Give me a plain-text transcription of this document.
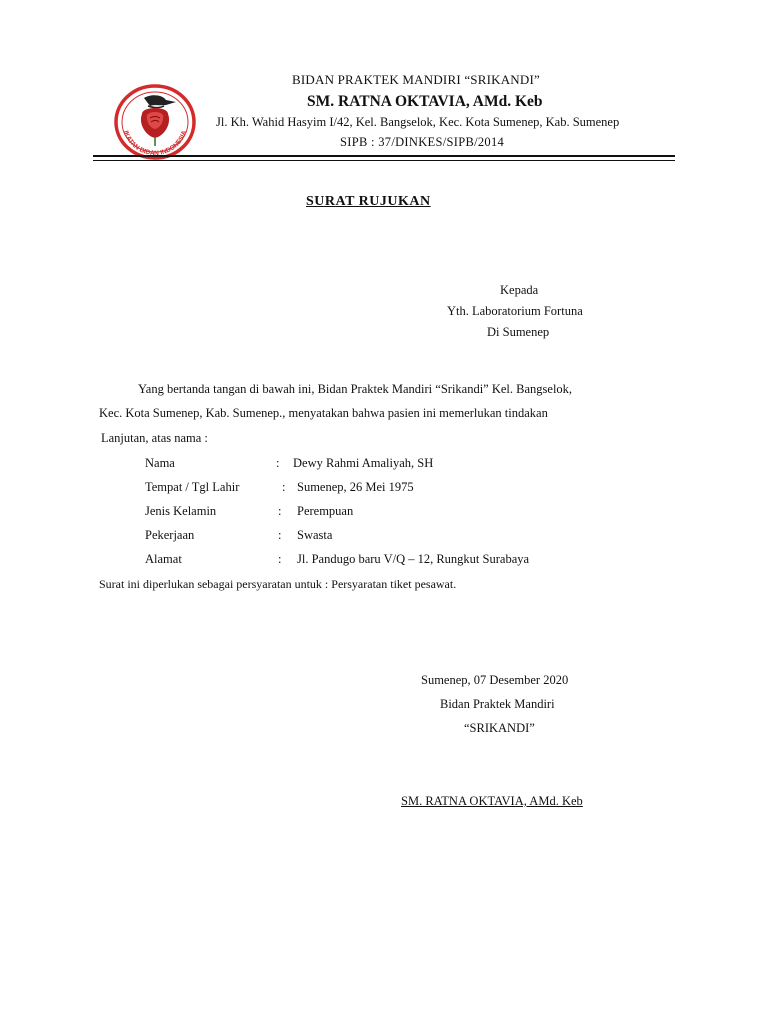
IKATAN BIDAN INDONESIA
BIDAN PRAKTEK MANDIRI “SRIKANDI”
SM. RATNA OKTAVIA, AMd. Keb
Jl. Kh. Wahid Hasyim I/42, Kel. Bangselok, Kec. Kota Sumenep, Kab. Sumenep
SIPB : 37/DINKES/SIPB/2014
SURAT RUJUKAN
Kepada
Yth. Laboratorium Fortuna
Di Sumenep
Yang bertanda tangan di bawah ini, Bidan Praktek Mandiri “Srikandi” Kel. Bangselok,
Kec. Kota Sumenep, Kab. Sumenep., menyatakan bahwa pasien ini memerlukan tindakan
Lanjutan, atas nama :
Nama	: Dewy Rahmi Amaliyah, SH
Tempat / Tgl Lahir	: Sumenep, 26 Mei 1975
Jenis Kelamin	: Perempuan
Pekerjaan	: Swasta
Alamat	: Jl. Pandugo baru V/Q – 12, Rungkut Surabaya
Surat ini diperlukan sebagai persyaratan untuk : Persyaratan tiket pesawat.
Sumenep, 07 Desember 2020
Bidan Praktek Mandiri
“SRIKANDI”
SM. RATNA OKTAVIA, AMd. Keb
